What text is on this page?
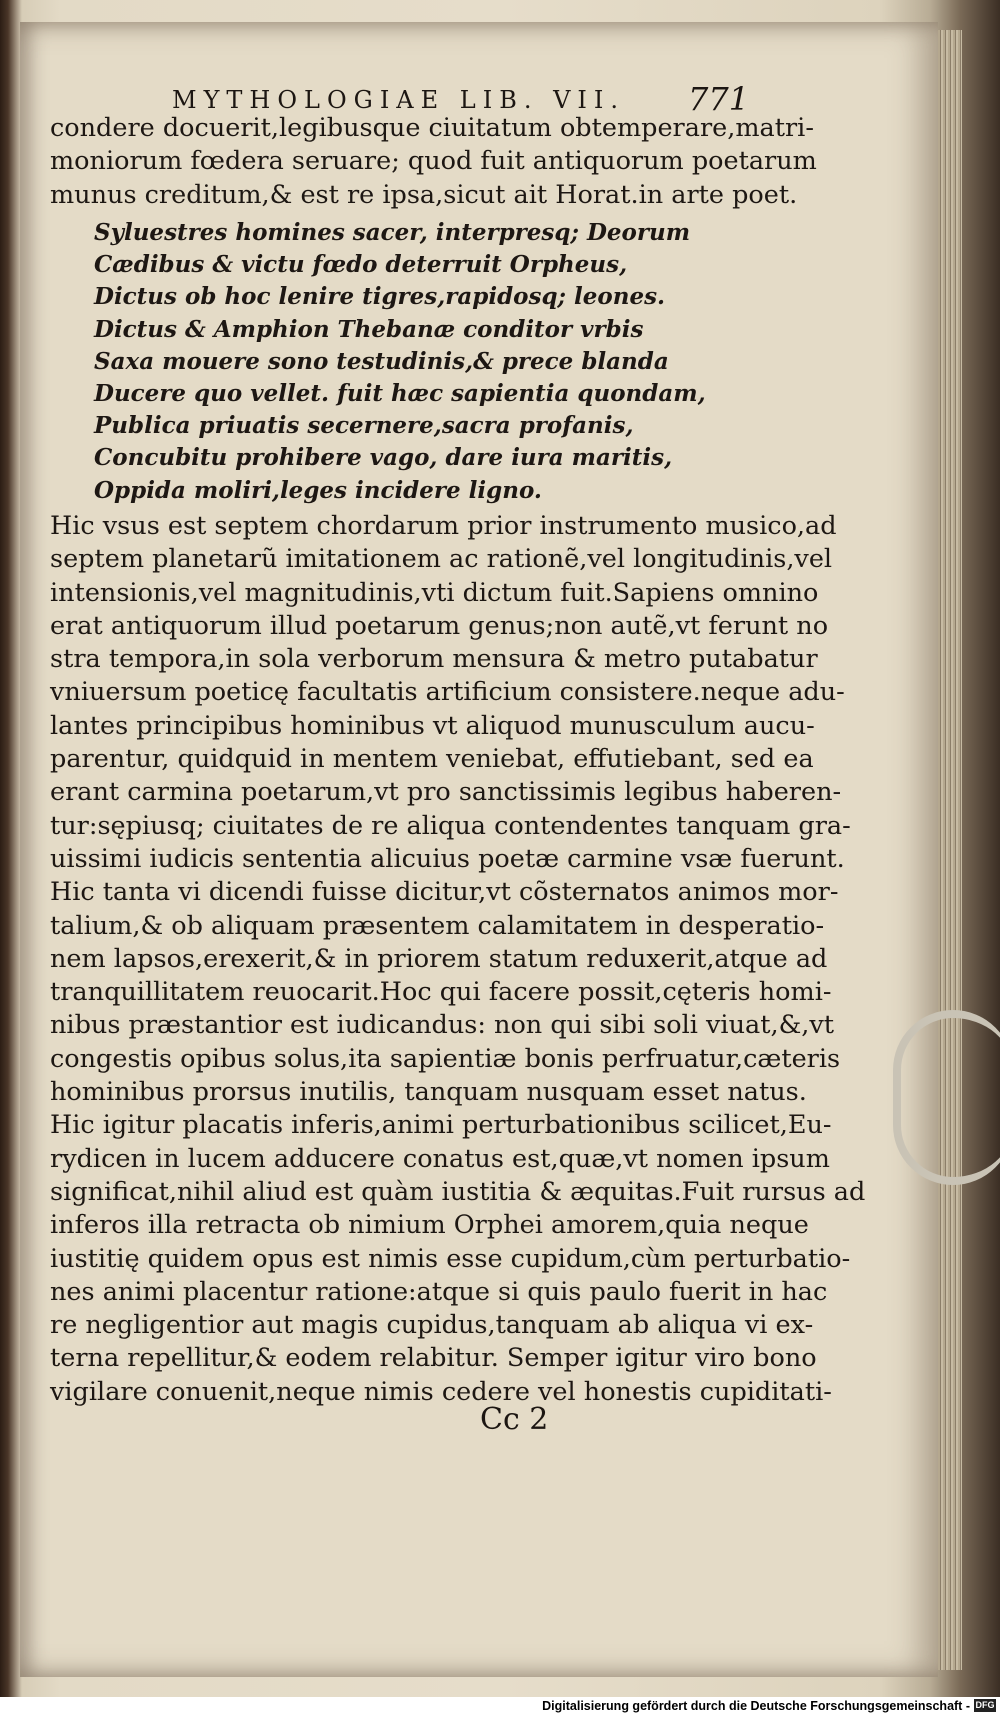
MYTHOLOGIAE LIB. VII.	771
condere docuerit,legibusque ciuitatum obtemperare,matri-
moniorum fœdera seruare; quod fuit antiquorum poetarum
munus creditum,& est re ipsa,sicut ait Horat.in arte poet.
Syluestres homines sacer, interpresq; Deorum
Cædibus & victu fœdo deterruit Orpheus,
Dictus ob hoc lenire tigres,rapidosq; leones.
Dictus & Amphion Thebanæ conditor vrbis
Saxa mouere sono testudinis,& prece blanda
Ducere quo vellet. fuit hæc sapientia quondam,
Publica priuatis secernere,sacra profanis,
Concubitu prohibere vago, dare iura maritis,
Oppida moliri,leges incidere ligno.
Hic vsus est septem chordarum prior instrumento musico,ad
septem planetarũ imitationem ac rationẽ,vel longitudinis,vel
intensionis,vel magnitudinis,vti dictum fuit.Sapiens omnino
erat antiquorum illud poetarum genus;non autẽ,vt ferunt no
stra tempora,in sola verborum mensura & metro putabatur
vniuersum poeticę facultatis artificium consistere.neque adu-
lantes principibus hominibus vt aliquod munusculum aucu-
parentur, quidquid in mentem veniebat, effutiebant, sed ea
erant carmina poetarum,vt pro sanctissimis legibus haberen-
tur:sępiusq; ciuitates de re aliqua contendentes tanquam gra-
uissimi iudicis sententia alicuius poetæ carmine vsæ fuerunt.
Hic tanta vi dicendi fuisse dicitur,vt cõsternatos animos mor-
talium,& ob aliquam præsentem calamitatem in desperatio-
nem lapsos,erexerit,& in priorem statum reduxerit,atque ad
tranquillitatem reuocarit.Hoc qui facere possit,cęteris homi-
nibus præstantior est iudicandus: non qui sibi soli viuat,&,vt
congestis opibus solus,ita sapientiæ bonis perfruatur,cæteris
hominibus prorsus inutilis, tanquam nusquam esset natus.
Hic igitur placatis inferis,animi perturbationibus scilicet,Eu-
rydicen in lucem adducere conatus est,quæ,vt nomen ipsum
significat,nihil aliud est quàm iustitia & æquitas.Fuit rursus ad
inferos illa retracta ob nimium Orphei amorem,quia neque
iustitię quidem opus est nimis esse cupidum,cùm perturbatio-
nes animi placentur ratione:atque si quis paulo fuerit in hac
re negligentior aut magis cupidus,tanquam ab aliqua vi ex-
terna repellitur,& eodem relabitur. Semper igitur viro bono
vigilare conuenit,neque nimis cedere vel honestis cupiditati-
Cc 2
Digitalisierung gefördert durch die Deutsche Forschungsgemeinschaft - DFG
